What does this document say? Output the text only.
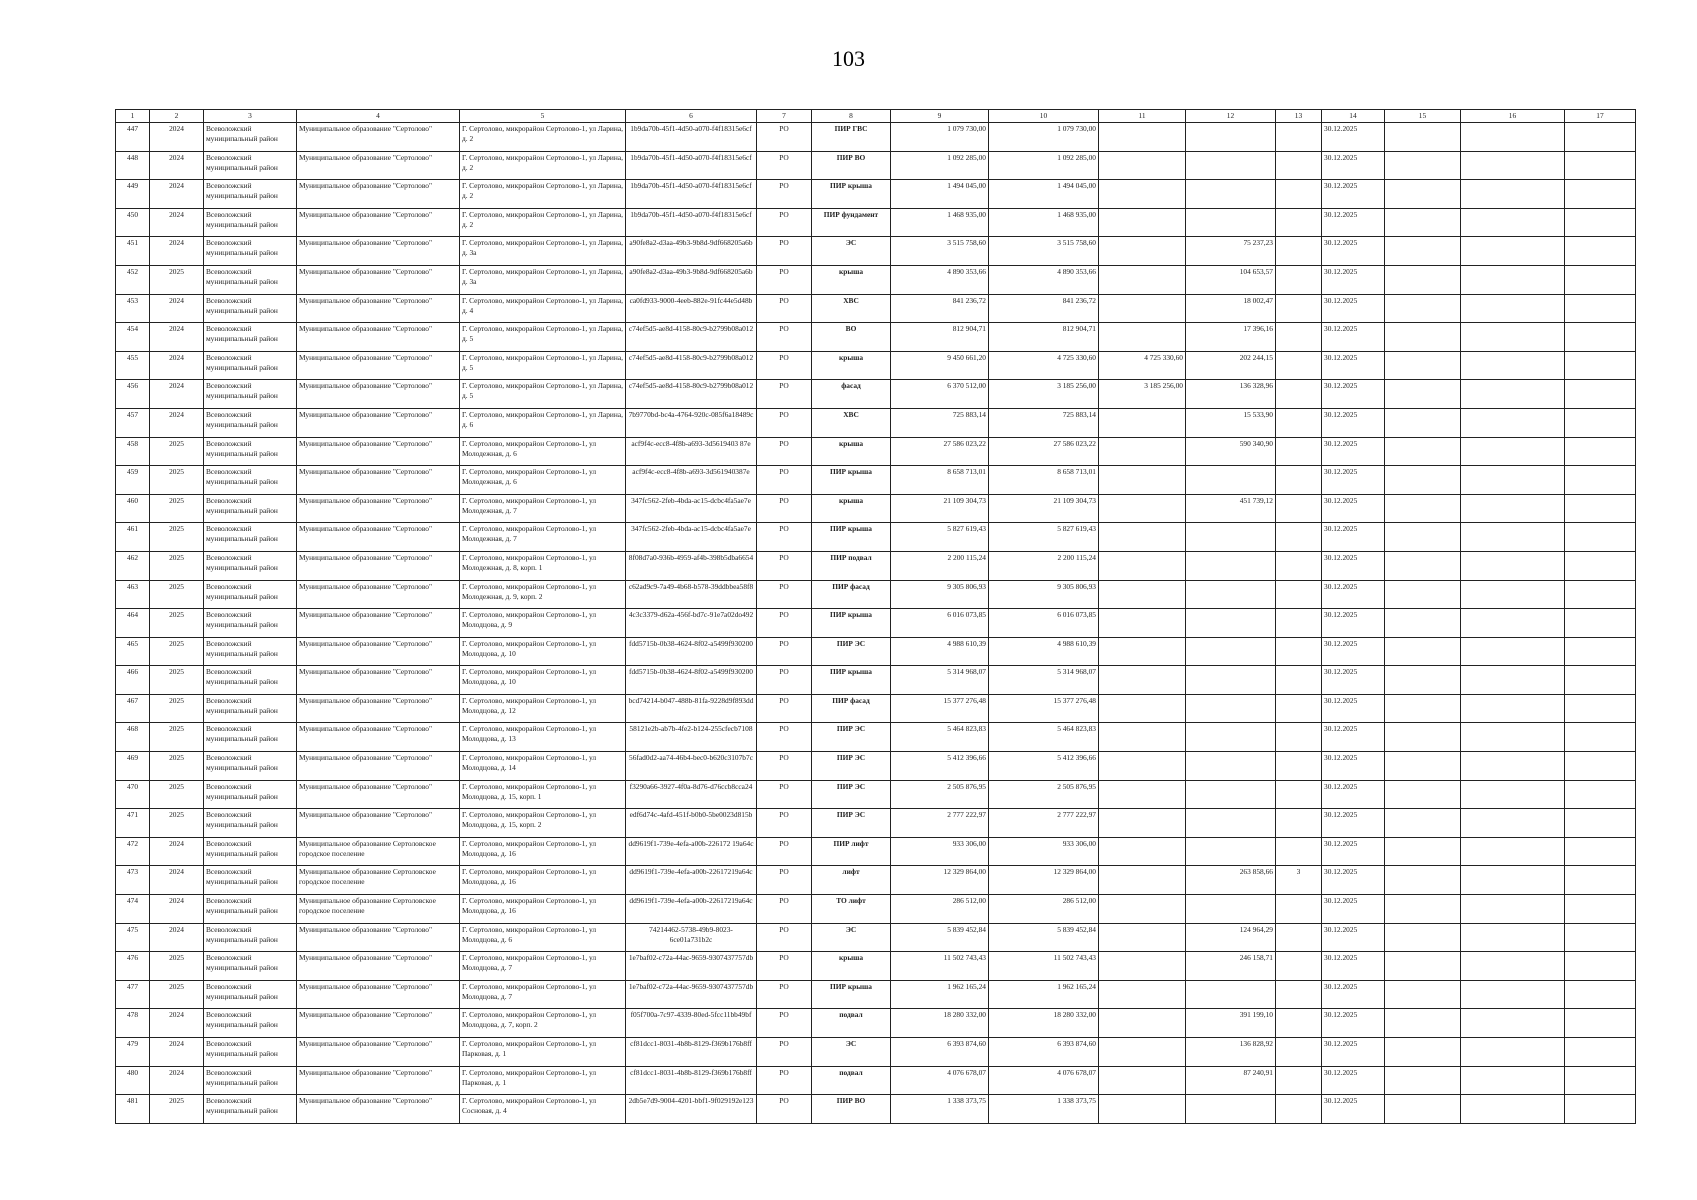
103
1	2	3	4	5	6	7	8	9	10	11	12	13	14	15	16	17
447	2024	Всеволожский муниципальный район	Муниципальное образование "Сертолово"	Г. Сертолово, микрорайон Сертолово-1, ул Ларина, д. 2	1b9da70b-45f1-4d50-a070-f4f18315e6cf	РО	ПИР ГВС	1 079 730,00	1 079 730,00				30.12.2025			
448	2024	Всеволожский муниципальный район	Муниципальное образование "Сертолово"	Г. Сертолово, микрорайон Сертолово-1, ул Ларина, д. 2	1b9da70b-45f1-4d50-a070-f4f18315e6cf	РО	ПИР ВО	1 092 285,00	1 092 285,00				30.12.2025			
449	2024	Всеволожский муниципальный район	Муниципальное образование "Сертолово"	Г. Сертолово, микрорайон Сертолово-1, ул Ларина, д. 2	1b9da70b-45f1-4d50-a070-f4f18315e6cf	РО	ПИР крыша	1 494 045,00	1 494 045,00				30.12.2025			
450	2024	Всеволожский муниципальный район	Муниципальное образование "Сертолово"	Г. Сертолово, микрорайон Сертолово-1, ул Ларина, д. 2	1b9da70b-45f1-4d50-a070-f4f18315e6cf	РО	ПИР фундамент	1 468 935,00	1 468 935,00				30.12.2025			
451	2024	Всеволожский муниципальный район	Муниципальное образование "Сертолово"	Г. Сертолово, микрорайон Сертолово-1, ул Ларина, д. 3а	a90fe8a2-d3aa-49b3-9b8d-9df668205a6b	РО	ЭС	3 515 758,60	3 515 758,60		75 237,23		30.12.2025			
452	2025	Всеволожский муниципальный район	Муниципальное образование "Сертолово"	Г. Сертолово, микрорайон Сертолово-1, ул Ларина, д. 3а	a90fe8a2-d3aa-49b3-9b8d-9df668205a6b	РО	крыша	4 890 353,66	4 890 353,66		104 653,57		30.12.2025			
453	2024	Всеволожский муниципальный район	Муниципальное образование "Сертолово"	Г. Сертолово, микрорайон Сертолово-1, ул Ларина, д. 4	ca0fd933-9000-4eeb-882e-91fc44e5d48b	РО	ХВС	841 236,72	841 236,72		18 002,47		30.12.2025			
454	2024	Всеволожский муниципальный район	Муниципальное образование "Сертолово"	Г. Сертолово, микрорайон Сертолово-1, ул Ларина, д. 5	c74ef5d5-ae8d-4158-80c9-b2799b08a012	РО	ВО	812 904,71	812 904,71		17 396,16		30.12.2025			
455	2024	Всеволожский муниципальный район	Муниципальное образование "Сертолово"	Г. Сертолово, микрорайон Сертолово-1, ул Ларина, д. 5	c74ef5d5-ae8d-4158-80c9-b2799b08a012	РО	крыша	9 450 661,20	4 725 330,60	4 725 330,60	202 244,15		30.12.2025			
456	2024	Всеволожский муниципальный район	Муниципальное образование "Сертолово"	Г. Сертолово, микрорайон Сертолово-1, ул Ларина, д. 5	c74ef5d5-ae8d-4158-80c9-b2799b08a012	РО	фасад	6 370 512,00	3 185 256,00	3 185 256,00	136 328,96		30.12.2025			
457	2024	Всеволожский муниципальный район	Муниципальное образование "Сертолово"	Г. Сертолово, микрорайон Сертолово-1, ул Ларина, д. 6	7b9770bd-bc4a-4764-920c-085f6a18489c	РО	ХВС	725 883,14	725 883,14		15 533,90		30.12.2025			
458	2025	Всеволожский муниципальный район	Муниципальное образование "Сертолово"	Г. Сертолово, микрорайон Сертолово-1, ул Молодежная, д. 6	acf9f4c-ecc8-4f8b-a693-3d5619403 87e	РО	крыша	27 586 023,22	27 586 023,22		590 340,90		30.12.2025			
459	2025	Всеволожский муниципальный район	Муниципальное образование "Сертолово"	Г. Сертолово, микрорайон Сертолово-1, ул Молодежная, д. 6	acf9f4c-ecc8-4f8b-a693-3d561940387e	РО	ПИР крыша	8 658 713,01	8 658 713,01				30.12.2025			
460	2025	Всеволожский муниципальный район	Муниципальное образование "Сертолово"	Г. Сертолово, микрорайон Сертолово-1, ул Молодежная, д. 7	347fc562-2feb-4bda-ac15-dcbc4fa5ae7e	РО	крыша	21 109 304,73	21 109 304,73		451 739,12		30.12.2025			
461	2025	Всеволожский муниципальный район	Муниципальное образование "Сертолово"	Г. Сертолово, микрорайон Сертолово-1, ул Молодежная, д. 7	347fc562-2feb-4bda-ac15-dcbc4fa5ae7e	РО	ПИР крыша	5 827 619,43	5 827 619,43				30.12.2025			
462	2025	Всеволожский муниципальный район	Муниципальное образование "Сертолово"	Г. Сертолово, микрорайон Сертолово-1, ул Молодежная, д. 8, корп. 1	8f08d7a0-936b-4959-af4b-398b5dba6654	РО	ПИР подвал	2 200 115,24	2 200 115,24				30.12.2025			
463	2025	Всеволожский муниципальный район	Муниципальное образование "Сертолово"	Г. Сертолово, микрорайон Сертолово-1, ул Молодежная, д. 9, корп. 2	c62ad9c9-7a49-4b68-b578-39ddbbea58f8	РО	ПИР фасад	9 305 806,93	9 305 806,93				30.12.2025			
464	2025	Всеволожский муниципальный район	Муниципальное образование "Сертолово"	Г. Сертолово, микрорайон Сертолово-1, ул Молодцова, д. 9	4c3c3379-d62a-456f-bd7c-91e7a02do492	РО	ПИР крыша	6 016 073,85	6 016 073,85				30.12.2025			
465	2025	Всеволожский муниципальный район	Муниципальное образование "Сертолово"	Г. Сертолово, микрорайон Сертолово-1, ул Молодцова, д. 10	fdd5715b-0b38-4624-8f02-a5499f930200	РО	ПИР ЭС	4 988 610,39	4 988 610,39				30.12.2025			
466	2025	Всеволожский муниципальный район	Муниципальное образование "Сертолово"	Г. Сертолово, микрорайон Сертолово-1, ул Молодцова, д. 10	fdd5715b-0b38-4624-8f02-a5499f930200	РО	ПИР крыша	5 314 968,07	5 314 968,07				30.12.2025			
467	2025	Всеволожский муниципальный район	Муниципальное образование "Сертолово"	Г. Сертолово, микрорайон Сертолово-1, ул Молодцова, д. 12	bcd74214-b047-488b-81fa-9228d9f893dd	РО	ПИР фасад	15 377 276,48	15 377 276,48				30.12.2025			
468	2025	Всеволожский муниципальный район	Муниципальное образование "Сертолово"	Г. Сертолово, микрорайон Сертолово-1, ул Молодцова, д. 13	58121e2b-ab7b-4fe2-b124-255cfecb7108	РО	ПИР ЭС	5 464 823,83	5 464 823,83				30.12.2025			
469	2025	Всеволожский муниципальный район	Муниципальное образование "Сертолово"	Г. Сертолово, микрорайон Сертолово-1, ул Молодцова, д. 14	56fad0d2-aa74-46b4-bec0-b620c3107b7c	РО	ПИР ЭС	5 412 396,66	5 412 396,66				30.12.2025			
470	2025	Всеволожский муниципальный район	Муниципальное образование "Сертолово"	Г. Сертолово, микрорайон Сертолово-1, ул Молодцова, д. 15, корп. 1	f3290a66-3927-4f0a-8d76-d76ccb8cca24	РО	ПИР ЭС	2 505 876,95	2 505 876,95				30.12.2025			
471	2025	Всеволожский муниципальный район	Муниципальное образование "Сертолово"	Г. Сертолово, микрорайон Сертолово-1, ул Молодцова, д. 15, корп. 2	edf6d74c-4afd-451f-b0b0-5be0023d815b	РО	ПИР ЭС	2 777 222,97	2 777 222,97				30.12.2025			
472	2024	Всеволожский муниципальный район	Муниципальное образование Сертоловское городское поселение	Г. Сертолово, микрорайон Сертолово-1, ул Молодцова, д. 16	dd9619f1-739e-4efa-a00b-226172 19a64c	РО	ПИР лифт	933 306,00	933 306,00				30.12.2025			
473	2024	Всеволожский муниципальный район	Муниципальное образование Сертоловское городское поселение	Г. Сертолово, микрорайон Сертолово-1, ул Молодцова, д. 16	dd9619f1-739e-4efa-a00b-22617219a64c	РО	лифт	12 329 864,00	12 329 864,00		263 858,66	3	30.12.2025			
474	2024	Всеволожский муниципальный район	Муниципальное образование Сертоловское городское поселение	Г. Сертолово, микрорайон Сертолово-1, ул Молодцова, д. 16	dd9619f1-739e-4efa-a00b-22617219a64c	РО	ТО лифт	286 512,00	286 512,00				30.12.2025			
475	2024	Всеволожский муниципальный район	Муниципальное образование "Сертолово"	Г. Сертолово, микрорайон Сертолово-1, ул Молодцова, д. 6	74214462-5738-49b9-8023-6ce01a731b2c	РО	ЭС	5 839 452,84	5 839 452,84		124 964,29		30.12.2025			
476	2025	Всеволожский муниципальный район	Муниципальное образование "Сертолово"	Г. Сертолово, микрорайон Сертолово-1, ул Молодцова, д. 7	1e7baf02-c72a-44ac-9659-9307437757db	РО	крыша	11 502 743,43	11 502 743,43		246 158,71		30.12.2025			
477	2025	Всеволожский муниципальный район	Муниципальное образование "Сертолово"	Г. Сертолово, микрорайон Сертолово-1, ул Молодцова, д. 7	1e7baf02-c72a-44ac-9659-9307437757db	РО	ПИР крыша	1 962 165,24	1 962 165,24				30.12.2025			
478	2024	Всеволожский муниципальный район	Муниципальное образование "Сертолово"	Г. Сертолово, микрорайон Сертолово-1, ул Молодцова, д. 7, корп. 2	f05f700a-7c97-4339-80ed-5fcc11bb49bf	РО	подвал	18 280 332,00	18 280 332,00		391 199,10		30.12.2025			
479	2024	Всеволожский муниципальный район	Муниципальное образование "Сертолово"	Г. Сертолово, микрорайон Сертолово-1, ул Парковая, д. 1	cf81dcc1-8031-4b8b-8129-f369b176b8ff	РО	ЭС	6 393 874,60	6 393 874,60		136 828,92		30.12.2025			
480	2024	Всеволожский муниципальный район	Муниципальное образование "Сертолово"	Г. Сертолово, микрорайон Сертолово-1, ул Парковая, д. 1	cf81dcc1-8031-4b8b-8129-f369b176b8ff	РО	подвал	4 076 678,07	4 076 678,07		87 240,91		30.12.2025			
481	2025	Всеволожский муниципальный район	Муниципальное образование "Сертолово"	Г. Сертолово, микрорайон Сертолово-1, ул Сосновая, д. 4	2db5e7d9-9004-4201-bbf1-9f029192e123	РО	ПИР ВО	1 338 373,75	1 338 373,75				30.12.2025			
